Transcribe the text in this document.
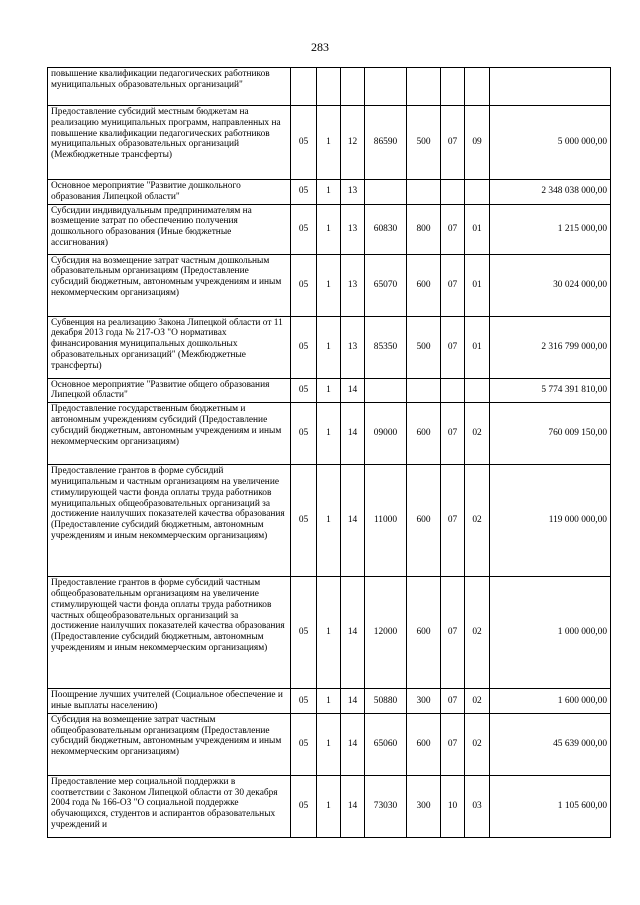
283
повышение квалификации педагогических работников муниципальных образовательных организаций"								
Предоставление субсидий местным бюджетам на реализацию муниципальных программ, направленных на повышение квалификации педагогических работников муниципальных образовательных организаций (Межбюджетные трансферты)	05	1	12	86590	500	07	09	5 000 000,00
Основное мероприятие "Развитие дошкольного образования Липецкой области"	05	1	13					2 348 038 000,00
Субсидии индивидуальным предпринимателям на возмещение затрат по обеспечению получения дошкольного образования (Иные бюджетные ассигнования)	05	1	13	60830	800	07	01	1 215 000,00
Субсидия на возмещение затрат частным дошкольным образовательным организациям (Предоставление субсидий бюджетным, автономным учреждениям и иным некоммерческим организациям)	05	1	13	65070	600	07	01	30 024 000,00
Субвенция на реализацию Закона Липецкой области от 11 декабря 2013 года № 217-ОЗ "О нормативах финансирования муниципальных дошкольных образовательных организаций" (Межбюджетные трансферты)	05	1	13	85350	500	07	01	2 316 799 000,00
Основное мероприятие "Развитие общего образования Липецкой области"	05	1	14					5 774 391 810,00
Предоставление государственным бюджетным и автономным учреждениям субсидий (Предоставление субсидий бюджетным, автономным учреждениям и иным некоммерческим организациям)	05	1	14	09000	600	07	02	760 009 150,00
Предоставление грантов в форме субсидий муниципальным и частным организациям на увеличение стимулирующей части фонда оплаты труда работников муниципальных общеобразовательных организаций за достижение наилучших показателей качества образования (Предоставление субсидий бюджетным, автономным учреждениям и иным некоммерческим организациям)	05	1	14	11000	600	07	02	119 000 000,00
Предоставление грантов в форме субсидий частным общеобразовательным организациям на увеличение стимулирующей части фонда оплаты труда работников частных общеобразовательных организаций за достижение наилучших показателей качества образования (Предоставление субсидий бюджетным, автономным учреждениям и иным некоммерческим организациям)	05	1	14	12000	600	07	02	1 000 000,00
Поощрение лучших учителей (Социальное обеспечение и иные выплаты населению)	05	1	14	50880	300	07	02	1 600 000,00
Субсидия на возмещение затрат частным общеобразовательным организациям (Предоставление субсидий бюджетным, автономным учреждениям и иным некоммерческим организациям)	05	1	14	65060	600	07	02	45 639 000,00
Предоставление мер социальной поддержки в соответствии с Законом Липецкой области от 30 декабря 2004 года № 166-ОЗ "О социальной поддержке обучающихся, студентов и аспирантов образовательных учреждений и	05	1	14	73030	300	10	03	1 105 600,00
